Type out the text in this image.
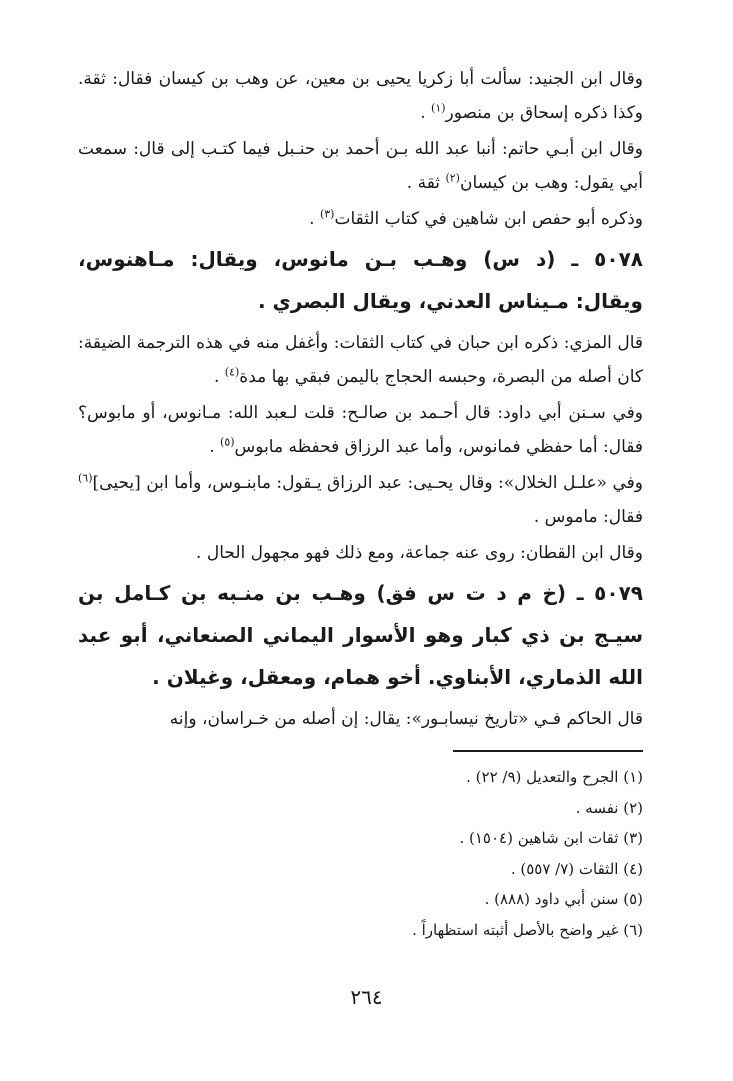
وقال ابن الجنيد: سألت أبا زكريا يحيى بن معين، عن وهب بن كيسان فقال: ثقة. وكذا ذكره إسحاق بن منصور$^{(١)}$ .
وقال ابن أبـي حاتم: أنبا عبد الله بـن أحمد بن حنـبل فيما كتـب إلى قال: سمعت أبي يقول: وهب بن كيسان$^{(٢)}$ ثقة .
وذكره أبو حفص ابن شاهين في كتاب الثقات$^{(٣)}$ .
٥٠٧٨ ـ (د س) وهـب بـن مانوس، ويقال: مـاهنوس، ويقال: مـيناس العدني، ويقال البصري .
قال المزي: ذكره ابن حبان في كتاب الثقات: وأغفل منه في هذه الترجمة الضيقة: كان أصله من البصرة، وحبسه الحجاج باليمن فبقي بها مدة$^{(٤)}$ .
وفي سـنن أبي داود: قال أحـمد بن صالـح: قلت لـعبد الله: مـانوس، أو مابوس؟ فقال: أما حفظي فمانوس، وأما عبد الرزاق فحفظه مابوس$^{(٥)}$ .
وفي «علـل الخلال»: وقال يحـيى: عبد الرزاق يـقول: مابنـوس، وأما ابن [يحيى]$^{(٦)}$ فقال: ماموس .
وقال ابن القطان: روى عنه جماعة، ومع ذلك فهو مجهول الحال .
٥٠٧٩ ـ (خ م د ت س فق) وهـب بن منـبه بن كـامل بن سيـج بن ذي كبار وهو الأسوار اليماني الصنعاني، أبو عبد الله الذماري، الأبناوي. أخو همام، ومعقل، وغيلان .
قال الحاكم فـي «تاريخ نيسابـور»: يقال: إن أصله من خـراسان، وإنه
(١) الجرح والتعديل (٩/ ٢٢) .
(٢) نفسه .
(٣) ثقات ابن شاهين (١٥٠٤) .
(٤) الثقات (٧/ ٥٥٧) .
(٥) سنن أبي داود (٨٨٨) .
(٦) غير واضح بالأصل أثبته استظهاراً .
٢٦٤
